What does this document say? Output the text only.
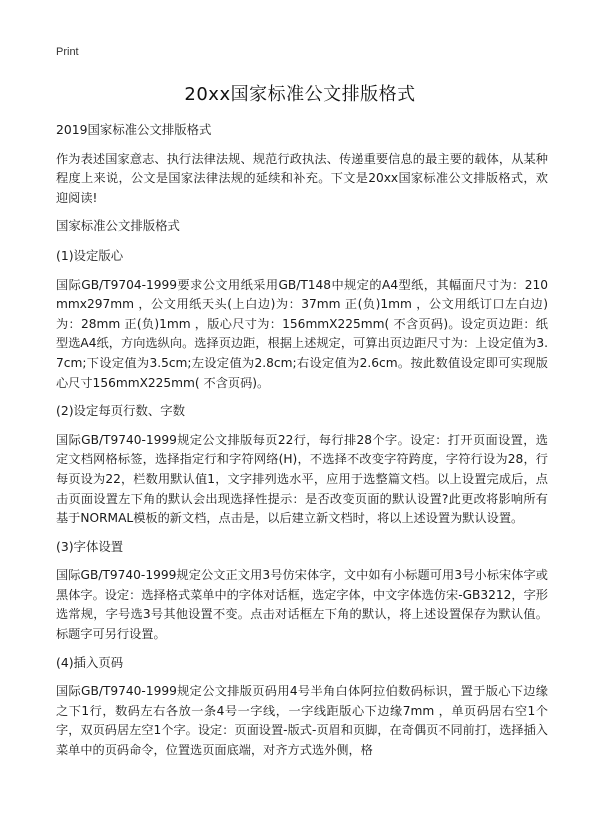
Print
20xx国家标准公文排版格式
2019国家标准公文排版格式
作为表述国家意志、执行法律法规、规范行政执法、传递重要信息的最主要的载体，从某种程度上来说，公文是国家法律法规的延续和补充。下文是20xx国家标准公文排版格式，欢迎阅读!
国家标准公文排版格式
(1)设定版心
国际GB/T9704-1999要求公文用纸采用GB/T148中规定的A4型纸，其幅面尺寸为：210mmx297mm ，公文用纸天头(上白边)为：37mm 正(负)1mm ，公文用纸订口左白边)为：28mm 正(负)1mm ，版心尺寸为：156mmX225mm( 不含页码)。设定页边距：纸型选A4纸，方向选纵向。选择页边距，根据上述规定，可算出页边距尺寸为：上设定值为3.7cm;下设定值为3.5cm;左设定值为2.8cm;右设定值为2.6cm。按此数值设定即可实现版心尺寸156mmX225mm( 不含页码)。
(2)设定每页行数、字数
国际GB/T9740-1999规定公文排版每页22行，每行排28个字。设定：打开页面设置，选定文档网格标签，选择指定行和字符网络(H)，不选择不改变字符跨度，字符行设为28，行每页设为22，栏数用默认值1，文字排列选水平，应用于选整篇文档。以上设置完成后，点击页面设置左下角的默认会出现选择性提示：是否改变页面的默认设置?此更改将影响所有基于NORMAL模板的新文档，点击是，以后建立新文档时，将以上述设置为默认设置。
(3)字体设置
国际GB/T9740-1999规定公文正文用3号仿宋体字，文中如有小标题可用3号小标宋体字或黑体字。设定：选择格式菜单中的字体对话框，选定字体，中文字体选仿宋-GB3212，字形选常规，字号选3号其他设置不变。点击对话框左下角的默认，将上述设置保存为默认值。标题字可另行设置。
(4)插入页码
国际GB/T9740-1999规定公文排版页码用4号半角白体阿拉伯数码标识，置于版心下边缘之下1行，数码左右各放一条4号一字线，一字线距版心下边缘7mm ，单页码居右空1个字，双页码居左空1个字。设定：页面设置-版式-页眉和页脚，在奇偶页不同前打，选择插入菜单中的页码命令，位置选页面底端，对齐方式选外侧，格
